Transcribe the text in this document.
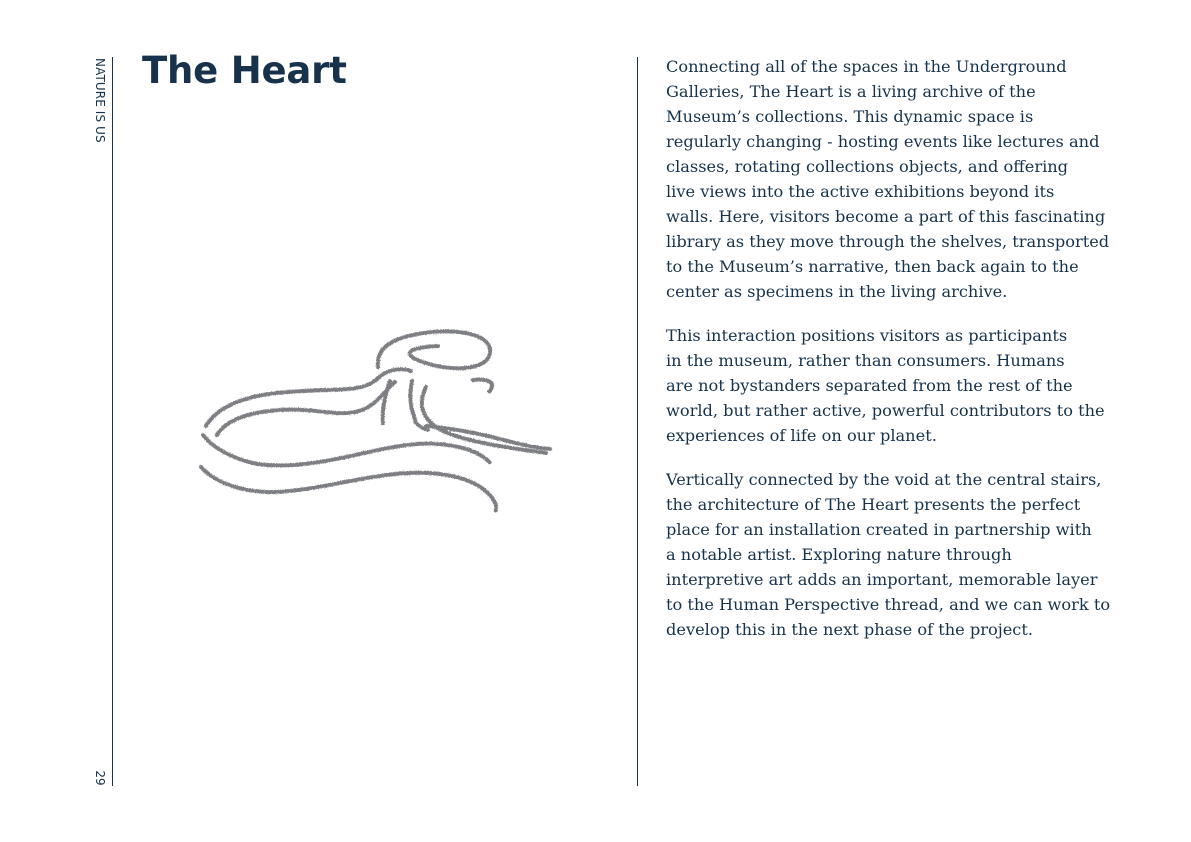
NATURE IS US
29
The Heart	Connecting all of the spaces in the Underground
Galleries, The Heart is a living archive of the
Museum’s collections. This dynamic space is
regularly changing - hosting events like lectures and
classes, rotating collections objects, and offering
live views into the active exhibitions beyond its
walls. Here, visitors become a part of this fascinating
library as they move through the shelves, transported
to the Museum’s narrative, then back again to the
center as specimens in the living archive.

This interaction positions visitors as participants
in the museum, rather than consumers. Humans
are not bystanders separated from the rest of the
world, but rather active, powerful contributors to the
experiences of life on our planet.

Vertically connected by the void at the central stairs,
the architecture of The Heart presents the perfect
place for an installation created in partnership with
a notable artist. Exploring nature through
interpretive art adds an important, memorable layer
to the Human Perspective thread, and we can work to
develop this in the next phase of the project.
